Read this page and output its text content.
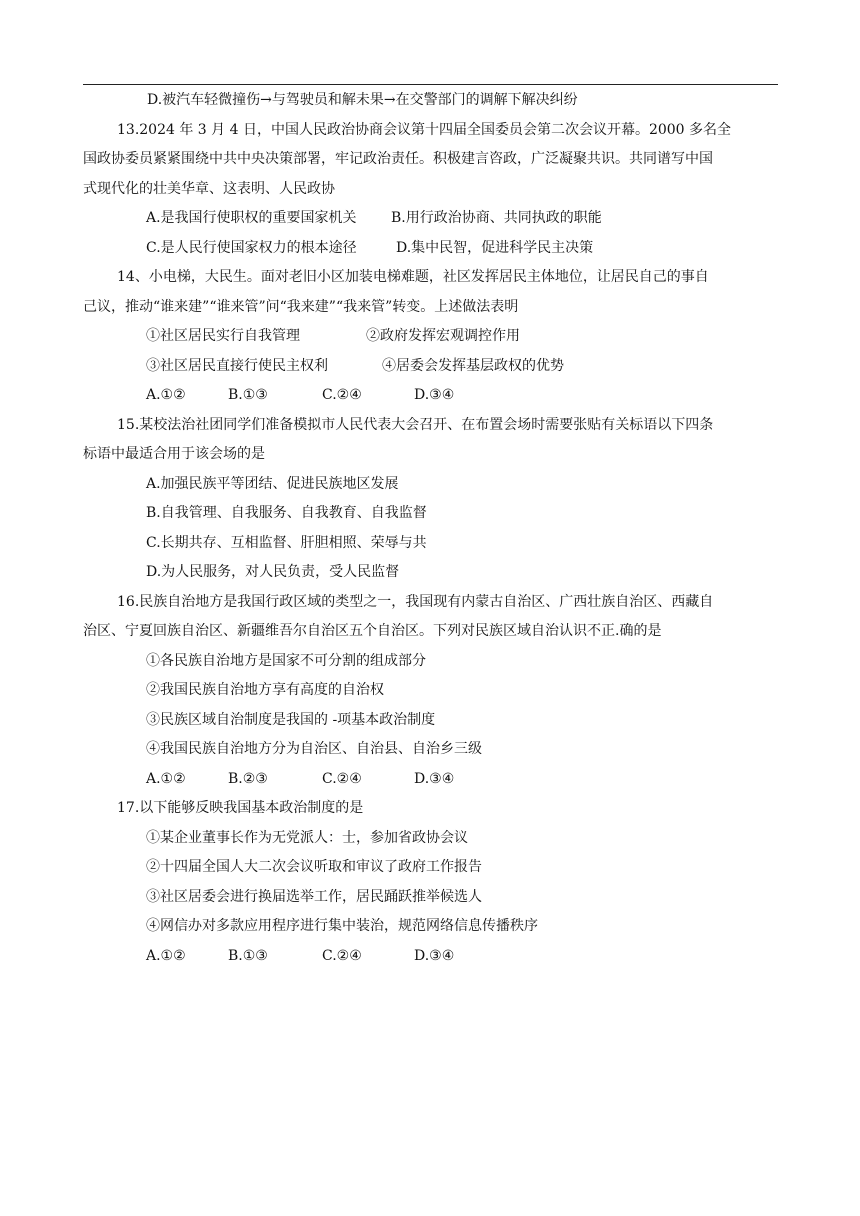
D.被汽车轻微撞伤→与驾驶员和解未果→在交警部门的调解下解决纠纷
13.2024 年 3 月 4 日，中国人民政治协商会议第十四届全国委员会第二次会议开幕。2000 多名全
国政协委员紧紧围绕中共中央决策部署，牢记政治责任。积极建言咨政，广泛凝聚共识。共同谱写中国
式现代化的壮美华章、这表明、人民政协
A.是我国行使职权的重要国家机关 B.用行政治协商、共同执政的职能
C.是人民行使国家权力的根本途径	D.集中民智，促进科学民主决策
14、小电梯，大民生。面对老旧小区加装电梯难题，社区发挥居民主体地位，让居民自己的事自
己议，推动“谁来建”“谁来管”问“我来建”“我来管”转变。上述做法表明
①社区居民实行自我管理	②政府发挥宏观调控作用
③社区居民直接行使民主权利	④居委会发挥基层政权的优势
A.①②	B.①③	C.②④	D.③④
15.某校法治社团同学们准备模拟市人民代表大会召开、在布置会场时需要张贴有关标语以下四条
标语中最适合用于该会场的是
A.加强民族平等团结、促进民族地区发展
B.自我管理、自我服务、自我教育、自我监督
C.长期共存、互相监督、肝胆相照、荣辱与共
D.为人民服务，对人民负责，受人民监督
16.民族自治地方是我国行政区域的类型之一，我国现有内蒙古自治区、广西壮族自治区、西藏自
治区、宁夏回族自治区、新疆维吾尔自治区五个自治区。下列对民族区域自治认识不正.确的是
①各民族自治地方是国家不可分割的组成部分
②我国民族自治地方享有高度的自治权
③民族区域自治制度是我国的 -项基本政治制度
④我国民族自治地方分为自治区、自治县、自治乡三级
A.①②	B.②③	C.②④	D.③④
17.以下能够反映我国基本政治制度的是
①某企业董事长作为无党派人：士，参加省政协会议
②十四届全国人大二次会议听取和审议了政府工作报告
③社区居委会进行换届选举工作，居民踊跃推举候选人
④网信办对多款应用程序进行集中装治，规范网络信息传播秩序
A.①②	B.①③	C.②④	D.③④
